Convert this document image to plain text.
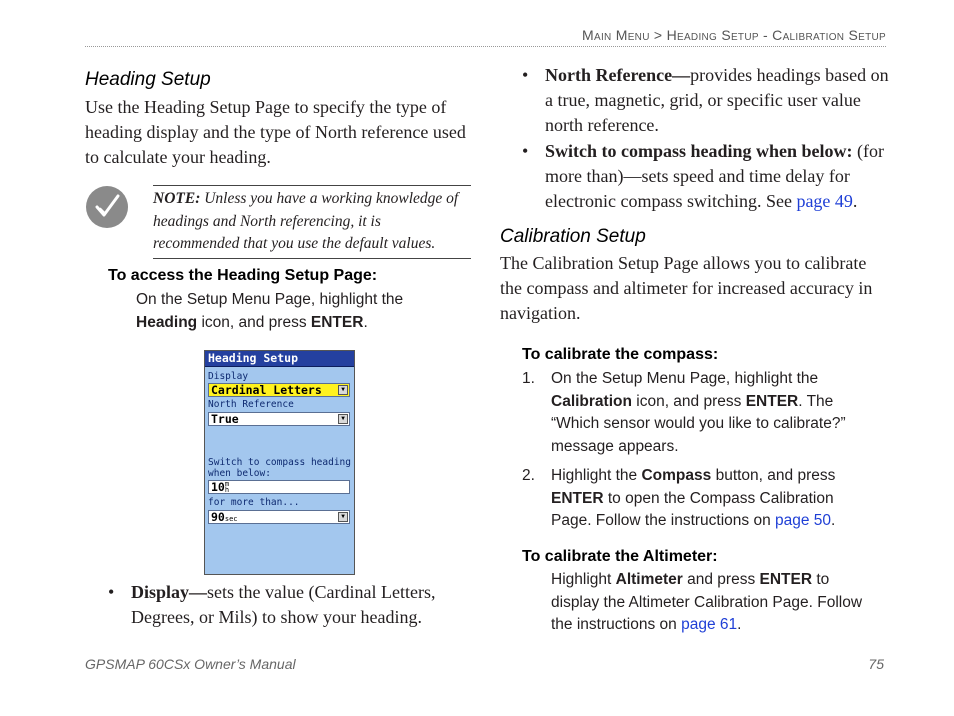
Main Menu > Heading Setup - Calibration Setup
Heading Setup
Use the Heading Setup Page to specify the type of heading display and the type of North reference used to calculate your heading.
NOTE: Unless you have a working knowledge of headings and North referencing, it is recommended that you use the default values.
To access the Heading Setup Page:
On the Setup Menu Page, highlight the Heading icon, and press ENTER.
Heading Setup
Display
Cardinal Letters	▼
North Reference
True	▼
Switch to compass heading
when below:
10m
h
for more than...
90sec	▼
• Display—sets the value (Cardinal Letters, Degrees, or Mils) to show your heading.
• North Reference—provides headings based on a true, magnetic, grid, or specific user value north reference.
• Switch to compass heading when below: (for more than)—sets speed and time delay for electronic compass switching. See page 49.
Calibration Setup
The Calibration Setup Page allows you to calibrate the compass and altimeter for increased accuracy in navigation.
To calibrate the compass:
1. On the Setup Menu Page, highlight the Calibration icon, and press ENTER. The “Which sensor would you like to calibrate?” message appears.
2. Highlight the Compass button, and press ENTER to open the Compass Calibration Page. Follow the instructions on page 50.
To calibrate the Altimeter:
Highlight Altimeter and press ENTER to display the Altimeter Calibration Page. Follow the instructions on page 61.
GPSMAP 60CSx Owner’s Manual	75
